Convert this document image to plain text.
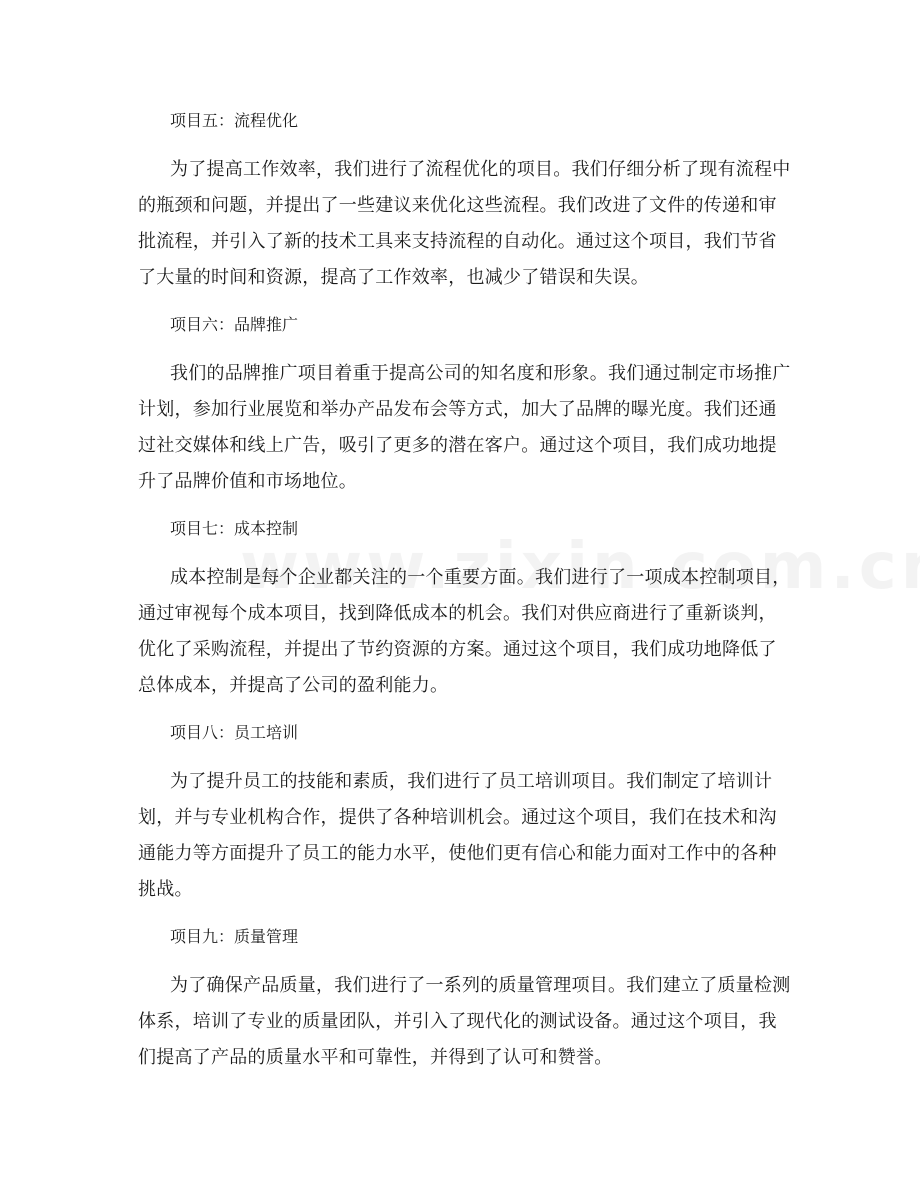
项目五：流程优化

为了提高工作效率，我们进行了流程优化的项目。我们仔细分析了现有流程中的瓶颈和问题，并提出了一些建议来优化这些流程。我们改进了文件的传递和审批流程，并引入了新的技术工具来支持流程的自动化。通过这个项目，我们节省了大量的时间和资源，提高了工作效率，也减少了错误和失误。

项目六：品牌推广

我们的品牌推广项目着重于提高公司的知名度和形象。我们通过制定市场推广计划，参加行业展览和举办产品发布会等方式，加大了品牌的曝光度。我们还通过社交媒体和线上广告，吸引了更多的潜在客户。通过这个项目，我们成功地提升了品牌价值和市场地位。

项目七：成本控制

成本控制是每个企业都关注的一个重要方面。我们进行了一项成本控制项目，通过审视每个成本项目，找到降低成本的机会。我们对供应商进行了重新谈判，优化了采购流程，并提出了节约资源的方案。通过这个项目，我们成功地降低了总体成本，并提高了公司的盈利能力。

项目八：员工培训

为了提升员工的技能和素质，我们进行了员工培训项目。我们制定了培训计划，并与专业机构合作，提供了各种培训机会。通过这个项目，我们在技术和沟通能力等方面提升了员工的能力水平，使他们更有信心和能力面对工作中的各种挑战。

项目九：质量管理

为了确保产品质量，我们进行了一系列的质量管理项目。我们建立了质量检测体系，培训了专业的质量团队，并引入了现代化的测试设备。通过这个项目，我们提高了产品的质量水平和可靠性，并得到了认可和赞誉。
